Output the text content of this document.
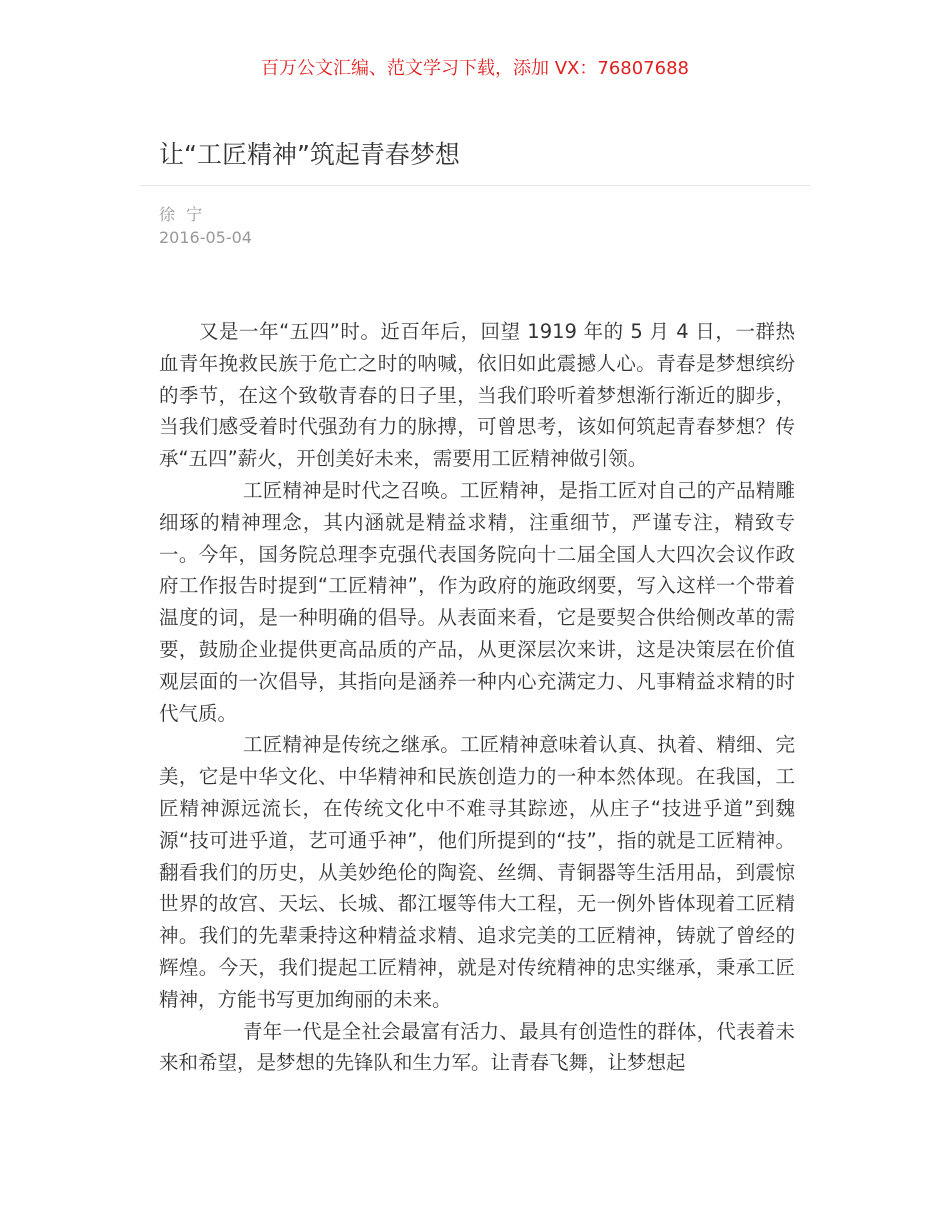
百万公文汇编、范文学习下载，添加 VX：76807688
让“工匠精神”筑起青春梦想
徐 宁
2016-05-04

又是一年“五四”时。近百年后，回望 1919 年的 5 月 4 日，一群热血青年挽救民族于危亡之时的呐喊，依旧如此震撼人心。青春是梦想缤纷的季节，在这个致敬青春的日子里，当我们聆听着梦想渐行渐近的脚步，当我们感受着时代强劲有力的脉搏，可曾思考，该如何筑起青春梦想？传承“五四”薪火，开创美好未来，需要用工匠精神做引领。

工匠精神是时代之召唤。工匠精神，是指工匠对自己的产品精雕细琢的精神理念，其内涵就是精益求精，注重细节，严谨专注，精致专一。今年，国务院总理李克强代表国务院向十二届全国人大四次会议作政府工作报告时提到“工匠精神”，作为政府的施政纲要，写入这样一个带着温度的词，是一种明确的倡导。从表面来看，它是要契合供给侧改革的需要，鼓励企业提供更高品质的产品，从更深层次来讲，这是决策层在价值观层面的一次倡导，其指向是涵养一种内心充满定力、凡事精益求精的时代气质。

工匠精神是传统之继承。工匠精神意味着认真、执着、精细、完美，它是中华文化、中华精神和民族创造力的一种本然体现。在我国，工匠精神源远流长，在传统文化中不难寻其踪迹，从庄子“技进乎道”到魏源“技可进乎道，艺可通乎神”，他们所提到的“技”，指的就是工匠精神。翻看我们的历史，从美妙绝伦的陶瓷、丝绸、青铜器等生活用品，到震惊世界的故宫、天坛、长城、都江堰等伟大工程，无一例外皆体现着工匠精神。我们的先辈秉持这种精益求精、追求完美的工匠精神，铸就了曾经的辉煌。今天，我们提起工匠精神，就是对传统精神的忠实继承，秉承工匠精神，方能书写更加绚丽的未来。

青年一代是全社会最富有活力、最具有创造性的群体，代表着未来和希望，是梦想的先锋队和生力军。让青春飞舞，让梦想起
